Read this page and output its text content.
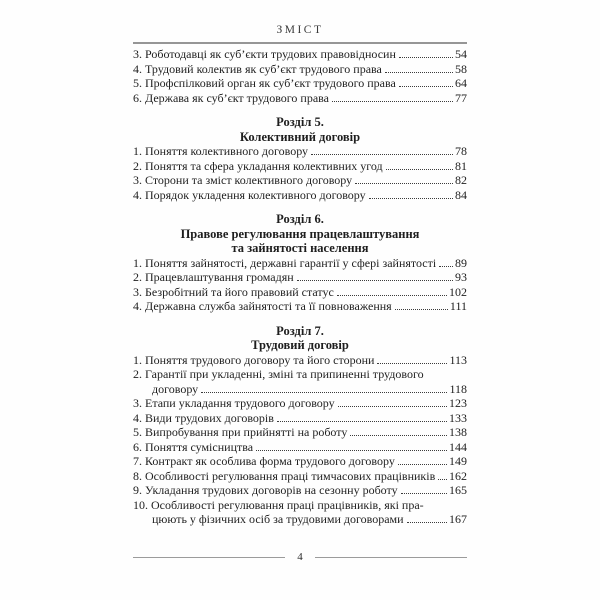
ЗМІСТ
3. Роботодавці як суб’єкти трудових правовідносин	54
4. Трудовий колектив як суб’єкт трудового права	58
5. Профспілковий орган як суб’єкт трудового права	64
6. Держава як суб’єкт трудового права	77
Розділ 5.
Колективний договір
1. Поняття колективного договору	78
2. Поняття та сфера укладання колективних угод	81
3. Сторони та зміст колективного договору	82
4. Порядок укладення колективного договору	84
Розділ 6.
Правове регулювання працевлаштування
та зайнятості населення
1. Поняття зайнятості, державні гарантії у сфері зайнятості 89
2. Працевлаштування громадян	93
3. Безробітний та його правовий статус	102
4. Державна служба зайнятості та її повноваження	111
Розділ 7.
Трудовий договір
1. Поняття трудового договору та його сторони	113
2. Гарантії при укладенні, зміні та припиненні трудового
договору	118
3. Етапи укладання трудового договору	123
4. Види трудових договорів	133
5. Випробування при прийнятті на роботу	138
6. Поняття сумісництва	144
7. Контракт як особлива форма трудового договору	149
8. Особливості регулювання праці тимчасових працівників 162
9. Укладання трудових договорів на сезонну роботу	165
10. Особливості регулювання праці працівників, які пра-
цюють у фізичних осіб за трудовими договорами	167
4
